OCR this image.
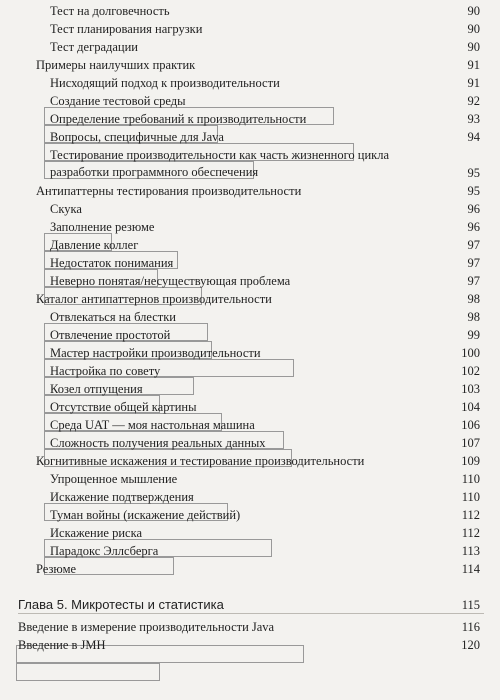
Тест на долговечность	90
Тест планирования нагрузки	90
Тест деградации	90
Примеры наилучших практик	91
Нисходящий подход к производительности	91
Создание тестовой среды	92
Определение требований к производительности	93
Вопросы, специфичные для Java	94
Тестирование производительности как часть жизненного цикла разработки программного обеспечения	95
Антипаттерны тестирования производительности	95
Скука	96
Заполнение резюме	96
Давление коллег	97
Недостаток понимания	97
Неверно понятая/несуществующая проблема	97
Каталог антипаттернов производительности	98
Отвлекаться на блестки	98
Отвлечение простотой	99
Мастер настройки производительности	100
Настройка по совету	102
Козел отпущения	103
Отсутствие общей картины	104
Среда UAT — моя настольная машина	106
Сложность получения реальных данных	107
Когнитивные искажения и тестирование производительности	109
Упрощенное мышление	110
Искажение подтверждения	110
Туман войны (искажение действий)	112
Искажение риска	112
Парадокс Эллсберга	113
Резюме	114
Глава 5. Микротесты и статистика	115
Введение в измерение производительности Java	116
Введение в JMH	120
